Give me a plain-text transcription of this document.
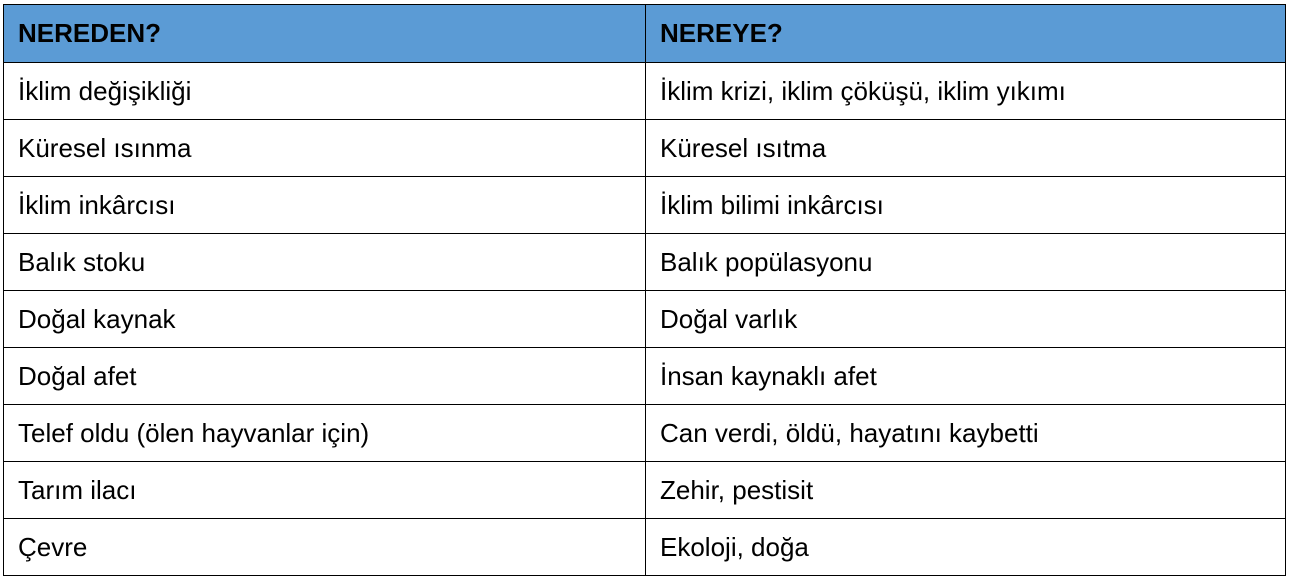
NEREDEN?	NEREYE?
İklim değişikliği	İklim krizi, iklim çöküşü, iklim yıkımı
Küresel ısınma	Küresel ısıtma
İklim inkârcısı	İklim bilimi inkârcısı
Balık stoku	Balık popülasyonu
Doğal kaynak	Doğal varlık
Doğal afet	İnsan kaynaklı afet
Telef oldu (ölen hayvanlar için)	Can verdi, öldü, hayatını kaybetti
Tarım ilacı	Zehir, pestisit
Çevre	Ekoloji, doğa
